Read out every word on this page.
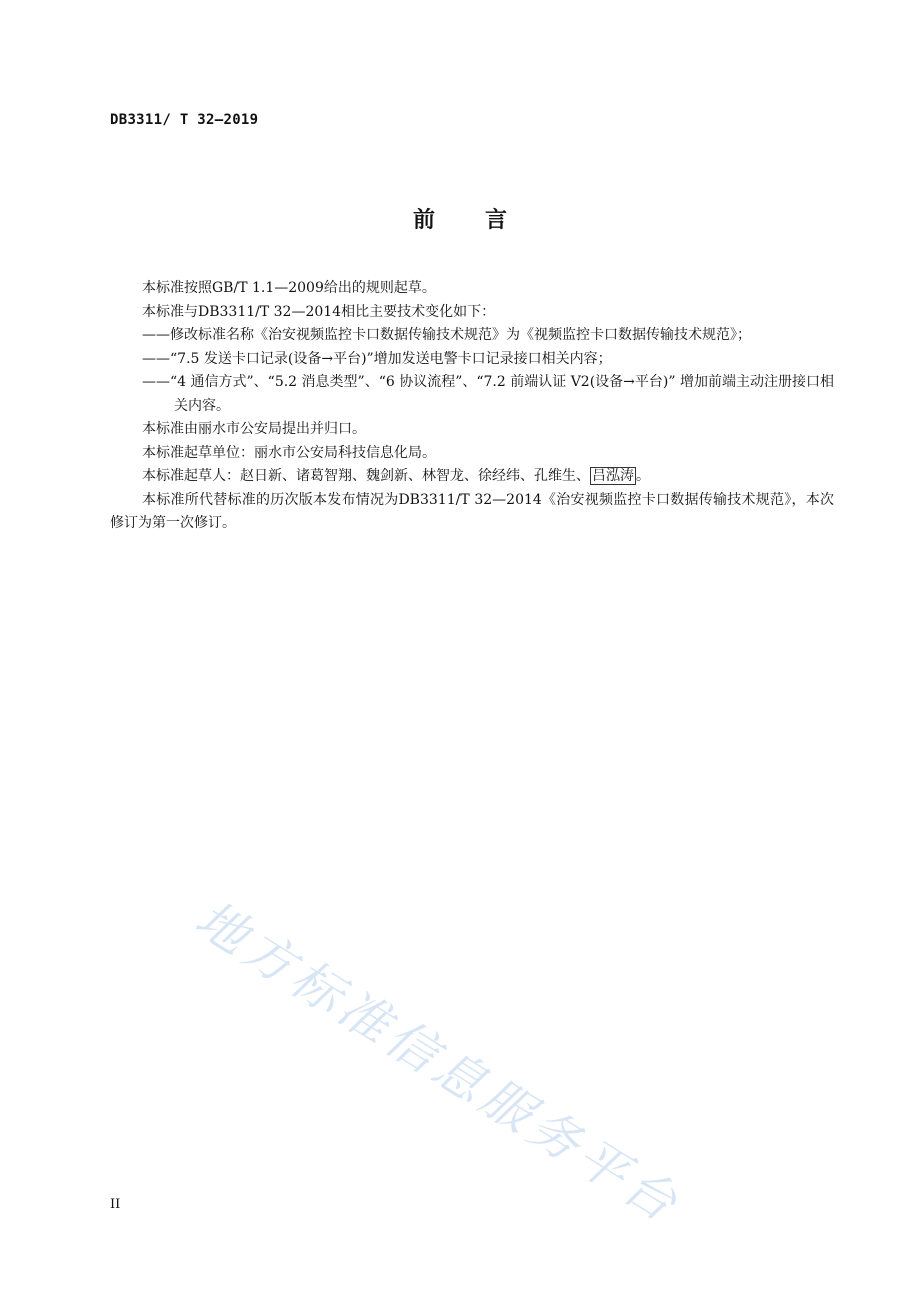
DB3311/ T 32—2019
前 言

本标准按照GB/T 1.1—2009给出的规则起草。

本标准与DB3311/T 32—2014相比主要技术变化如下：

——修改标准名称《治安视频监控卡口数据传输技术规范》为《视频监控卡口数据传输技术规范》；

——“7.5 发送卡口记录(设备→平台)”增加发送电警卡口记录接口相关内容；

——“4 通信方式”、“5.2 消息类型”、“6 协议流程”、“7.2 前端认证 V2(设备→平台)” 增加前端主动注册接口相关内容。

本标准由丽水市公安局提出并归口。

本标准起草单位：丽水市公安局科技信息化局。

本标准起草人：赵日新、诸葛智翔、魏剑新、林智龙、徐经纬、孔维生、 吕泓涛 。

本标准所代替标准的历次版本发布情况为DB3311/T 32—2014《治安视频监控卡口数据传输技术规范》，本次修订为第一次修订。

地方标准信息服务平台
II
